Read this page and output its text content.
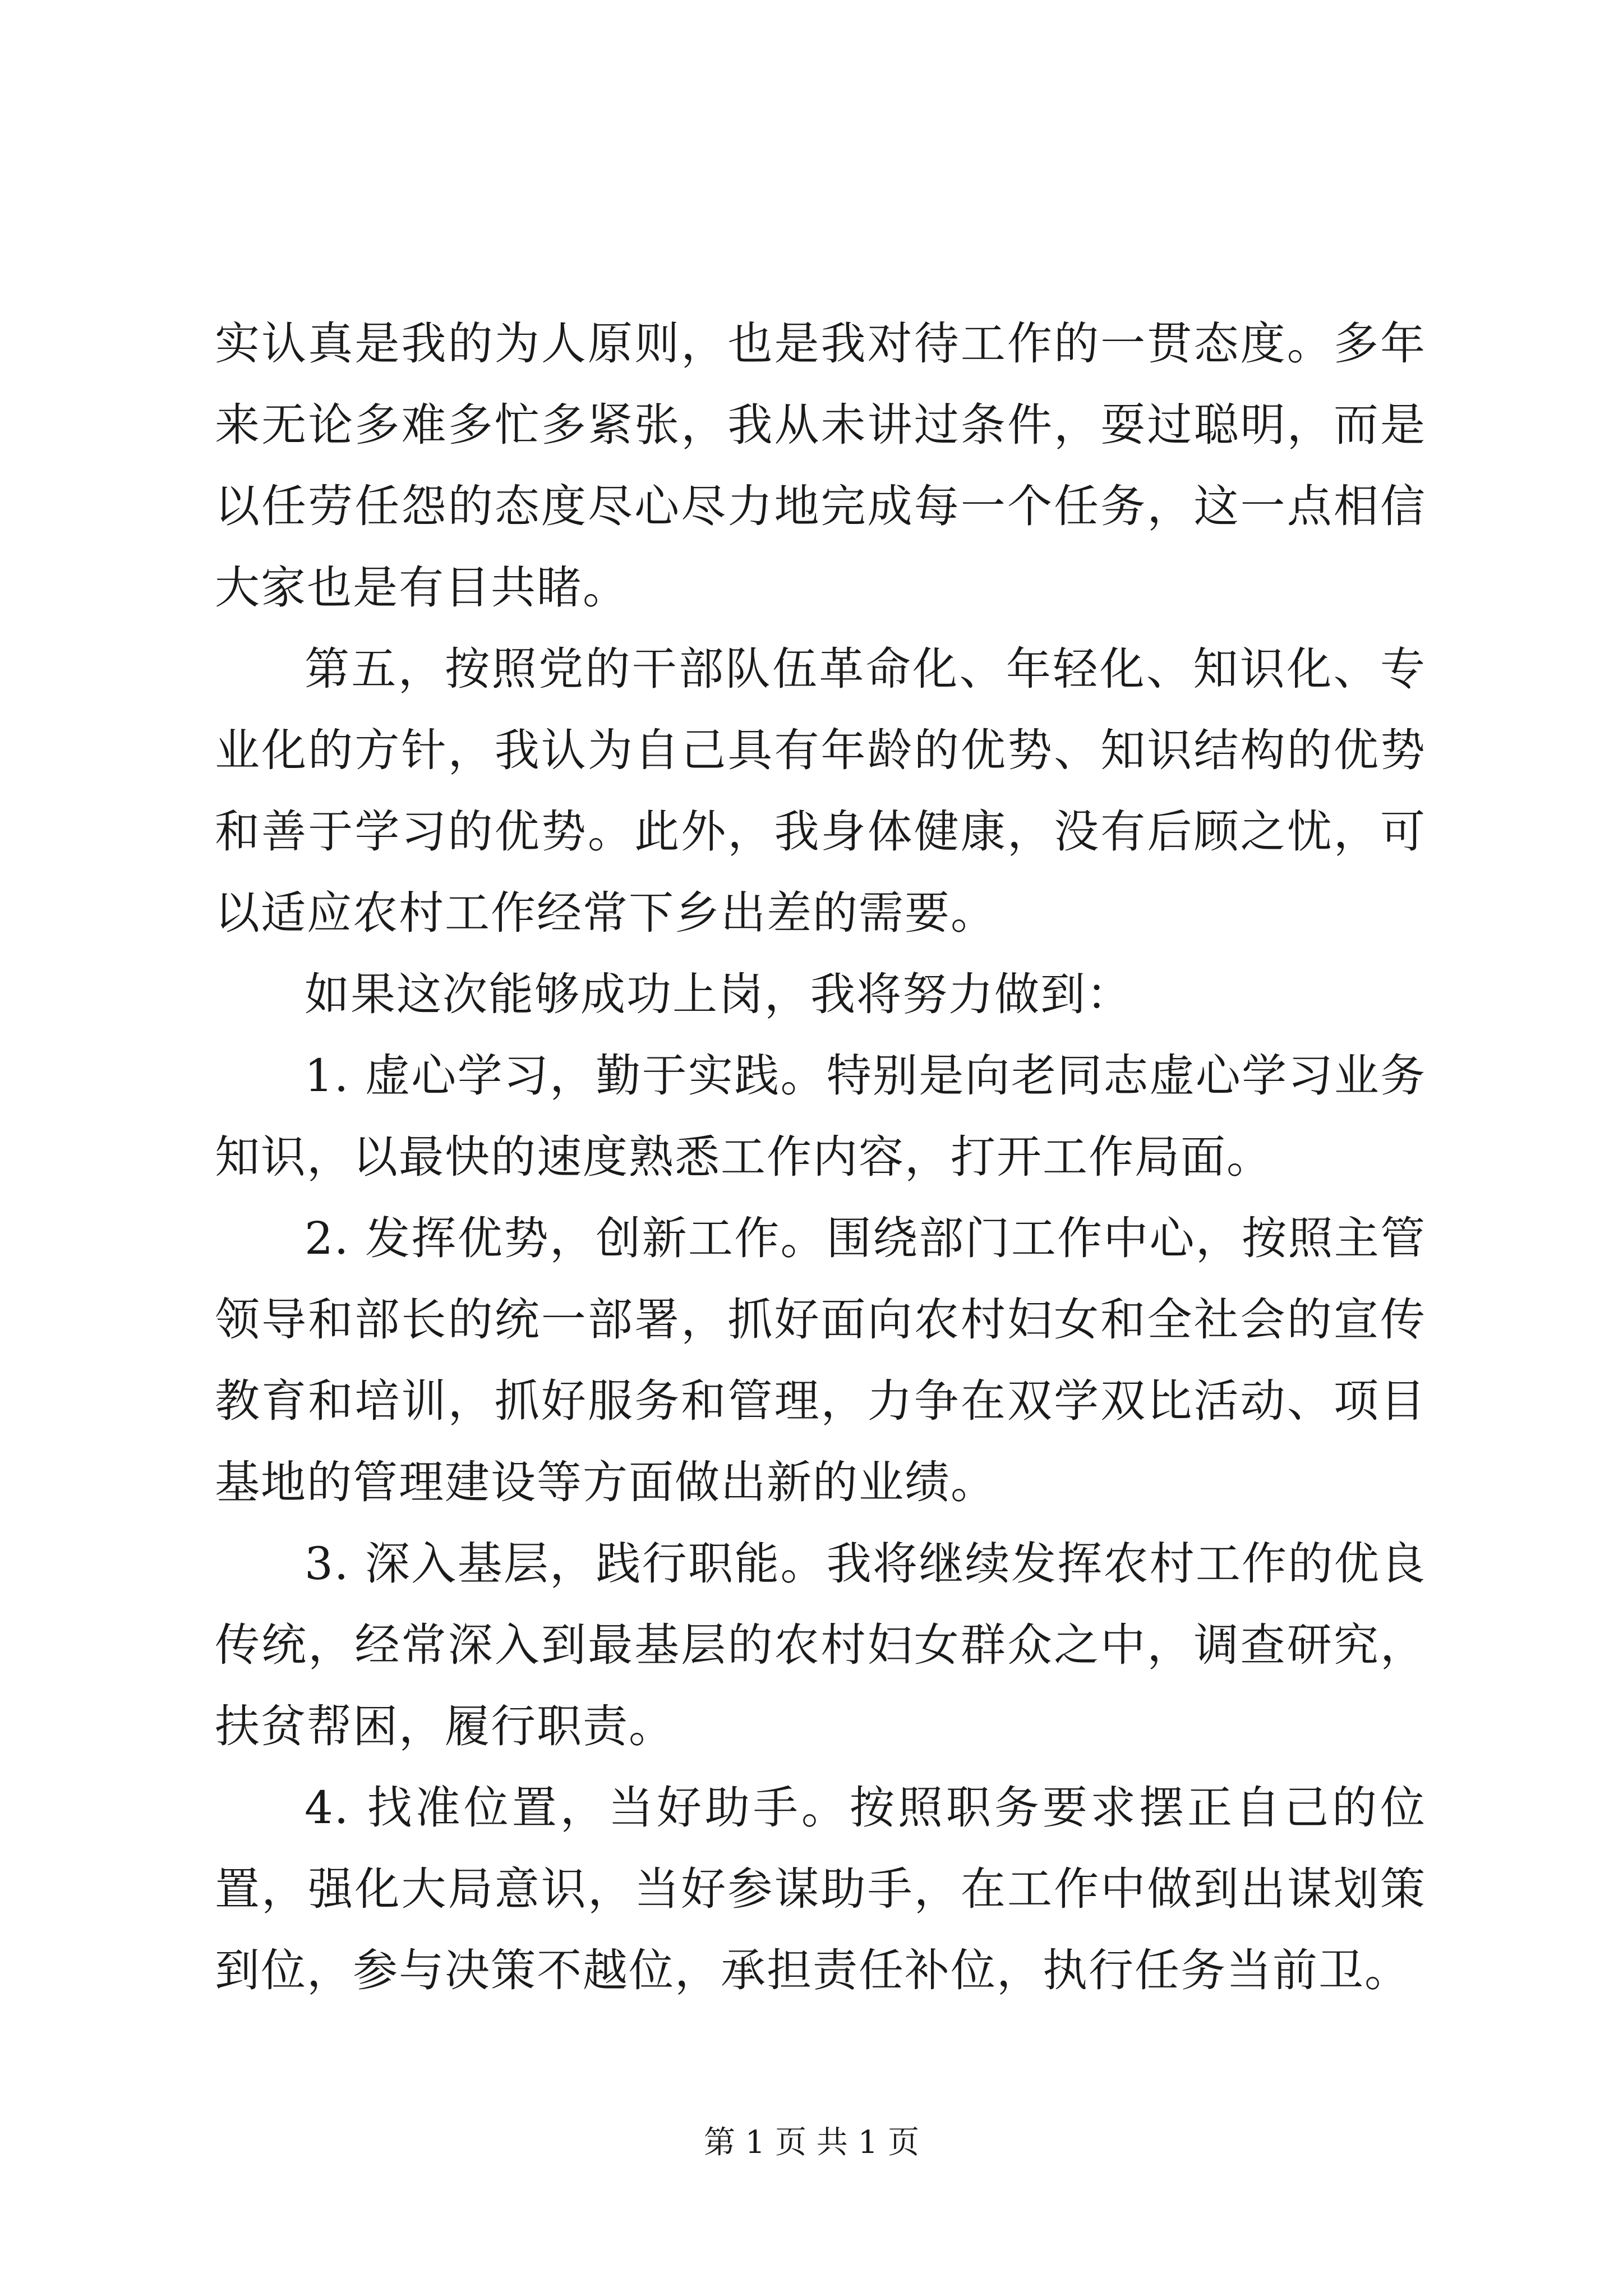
实认真是我的为人原则，也是我对待工作的一贯态度。多年来无论多难多忙多紧张，我从未讲过条件，耍过聪明，而是以任劳任怨的态度尽心尽力地完成每一个任务，这一点相信大家也是有目共睹。

第五，按照党的干部队伍革命化、年轻化、知识化、专业化的方针，我认为自己具有年龄的优势、知识结构的优势和善于学习的优势。此外，我身体健康，没有后顾之忧，可以适应农村工作经常下乡出差的需要。

如果这次能够成功上岗，我将努力做到：

1. 虚心学习，勤于实践。特别是向老同志虚心学习业务知识，以最快的速度熟悉工作内容，打开工作局面。

2. 发挥优势，创新工作。围绕部门工作中心，按照主管领导和部长的统一部署，抓好面向农村妇女和全社会的宣传教育和培训，抓好服务和管理，力争在双学双比活动、项目基地的管理建设等方面做出新的业绩。

3. 深入基层，践行职能。我将继续发挥农村工作的优良传统，经常深入到最基层的农村妇女群众之中，调查研究，扶贫帮困，履行职责。

4. 找准位置，当好助手。按照职务要求摆正自己的位置，强化大局意识，当好参谋助手，在工作中做到出谋划策到位，参与决策不越位，承担责任补位，执行任务当前卫。

第 1 页 共 1 页
